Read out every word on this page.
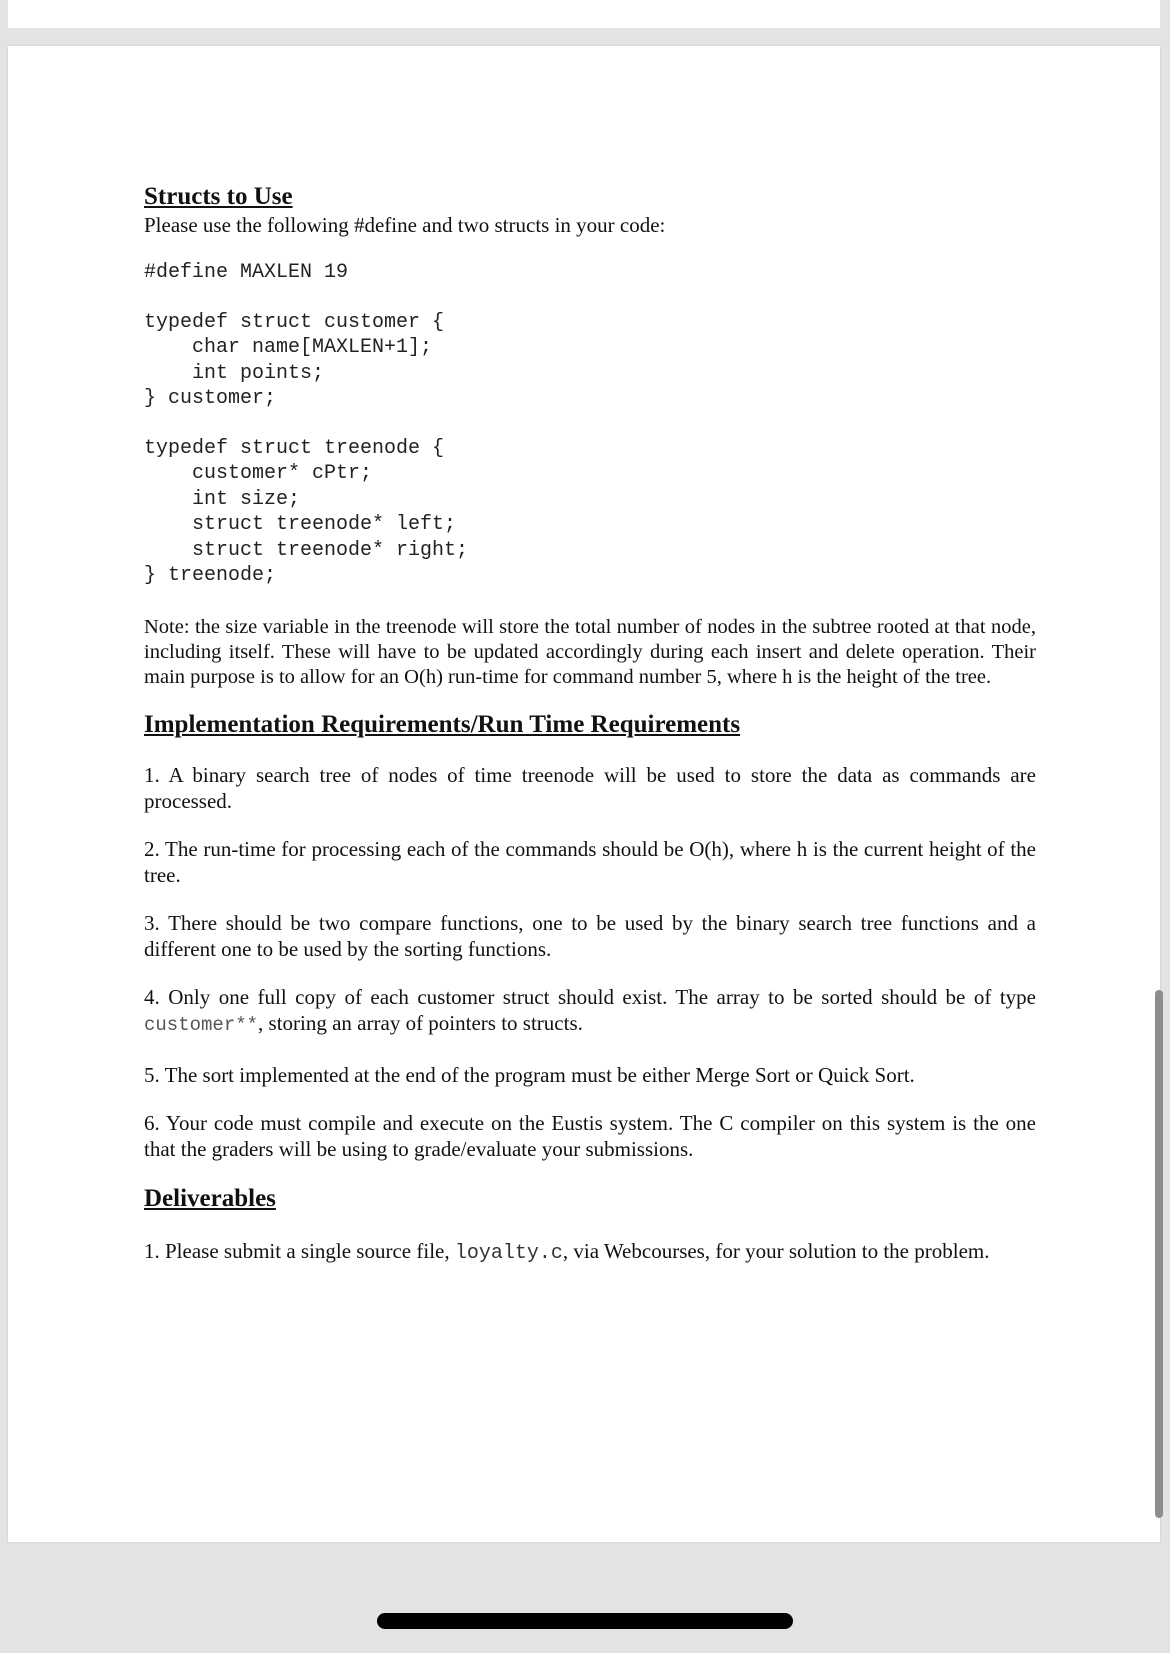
Structs to Use

Please use the following #define and two structs in your code:

#define MAXLEN 19
typedef struct customer {
char name[MAXLEN+1];
int points;
} customer;
typedef struct treenode {
customer* cPtr;
int size;
struct treenode* left;
struct treenode* right;
} treenode;

Note: the size variable in the treenode will store the total number of nodes in the subtree rooted at that node, including itself. These will have to be updated accordingly during each insert and delete operation. Their main purpose is to allow for an O(h) run-time for command number 5, where h is the height of the tree.

Implementation Requirements/Run Time Requirements

1. A binary search tree of nodes of time treenode will be used to store the data as commands are processed.

2. The run-time for processing each of the commands should be O(h), where h is the current height of the tree.

3. There should be two compare functions, one to be used by the binary search tree functions and a different one to be used by the sorting functions.

4. Only one full copy of each customer struct should exist. The array to be sorted should be of type customer**, storing an array of pointers to structs.

5. The sort implemented at the end of the program must be either Merge Sort or Quick Sort.

6. Your code must compile and execute on the Eustis system. The C compiler on this system is the one that the graders will be using to grade/evaluate your submissions.

Deliverables

1. Please submit a single source file, loyalty.c, via Webcourses, for your solution to the problem.
